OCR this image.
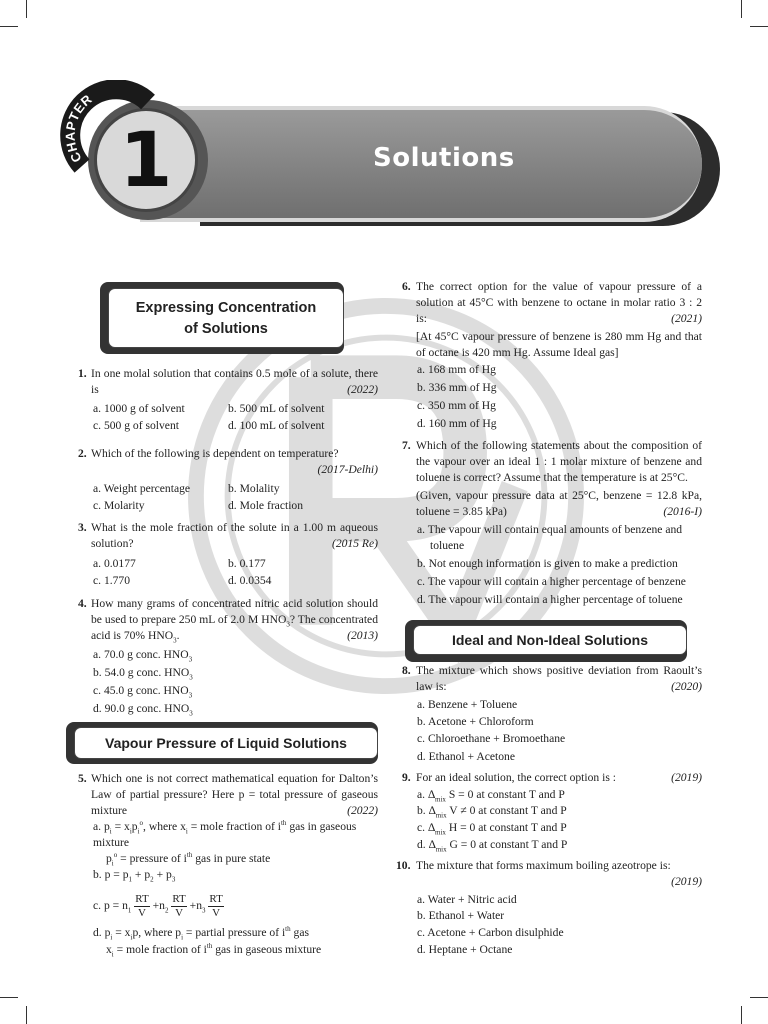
Solutions
1
CHAPTER
Expressing Concentration
of Solutions
1. In one molal solution that contains 0.5 mole of a solute, there is	(2022)
a. 1000 g of solvent	b. 500 mL of solvent
c. 500 g of solvent	d. 100 mL of solvent
2. Which of the following is dependent on temperature?
(2017-Delhi)
a. Weight percentage	b. Molality
c. Molarity	d. Mole fraction
3. What is the mole fraction of the solute in a 1.00 m aqueous solution?	(2015 Re)
a. 0.0177	b. 0.177
c. 1.770	d. 0.0354
4. How many grams of concentrated nitric acid solution should be used to prepare 250 mL of 2.0 M $HNO_3$? The concentrated acid is 70% $HNO_3$.	(2013)
a. 70.0 g conc. $HNO_3$
b. 54.0 g conc. $HNO_3$
c. 45.0 g conc. $HNO_3$
d. 90.0 g conc. $HNO_3$
Vapour Pressure of Liquid Solutions
5. Which one is not correct mathematical equation for Dalton’s Law of partial pressure? Here p = total pressure of gaseous mixture	(2022)
a. $p_i = x_ip_i^o$, where $x_i$ = mole fraction of $i^{th}$ gas in gaseous mixture
$p_i^o$ = pressure of $i^{th}$ gas in pure state
b. $p = p_1 + p_2 + p_3$
c. $p = n_1 \frac{RT}{V} +n_2 \frac{RT}{V} +n_3 \frac{RT}{V}$
d. $p_i = x_ip$, where $p_i$ = partial pressure of $i^{th}$ gas
$x_i$ = mole fraction of $i^{th}$ gas in gaseous mixture
6. The correct option for the value of vapour pressure of a solution at 45°C with benzene to octane in molar ratio 3 : 2 is:	(2021)
[At 45°C vapour pressure of benzene is 280 mm Hg and that of octane is 420 mm Hg. Assume Ideal gas]
a. 168 mm of Hg
b. 336 mm of Hg
c. 350 mm of Hg
d. 160 mm of Hg
7. Which of the following statements about the composition of the vapour over an ideal 1 : 1 molar mixture of benzene and toluene is correct? Assume that the temperature is at 25°C.
(Given, vapour pressure data at 25°C, benzene = 12.8 kPa, toluene = 3.85 kPa)	(2016-I)
a. The vapour will contain equal amounts of benzene and toluene
b. Not enough information is given to make a prediction
c. The vapour will contain a higher percentage of benzene
d. The vapour will contain a higher percentage of toluene
Ideal and Non-Ideal Solutions
8. The mixture which shows positive deviation from Raoult’s law is:	(2020)
a. Benzene + Toluene
b. Acetone + Chloroform
c. Chloroethane + Bromoethane
d. Ethanol + Acetone
9. For an ideal solution, the correct option is :	(2019)
a. $\Delta_{mix}$ S = 0 at constant T and P
b. $\Delta_{mix}$ V ≠ 0 at constant T and P
c. $\Delta_{mix}$ H = 0 at constant T and P
d. $\Delta_{mix}$ G = 0 at constant T and P
10. The mixture that forms maximum boiling azeotrope is:
(2019)
a. Water + Nitric acid
b. Ethanol + Water
c. Acetone + Carbon disulphide
d. Heptane + Octane
